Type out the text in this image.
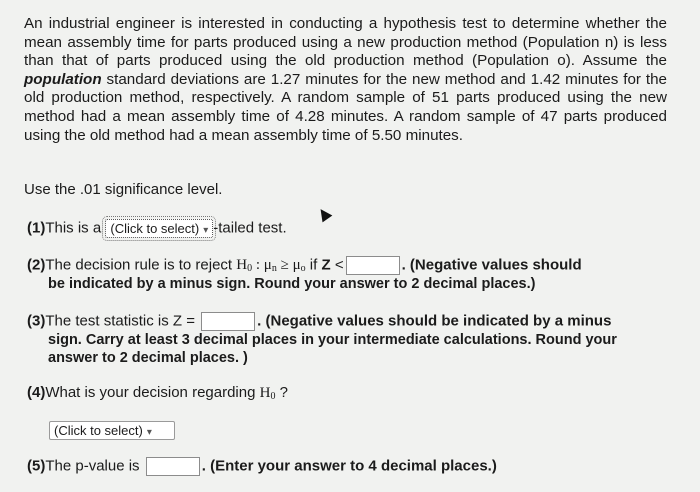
An industrial engineer is interested in conducting a hypothesis test to determine whether the mean assembly time for parts produced using a new production method (Population n) is less than that of parts produced using the old production method (Population o). Assume the population standard deviations are 1.27 minutes for the new method and 1.42 minutes for the old production method, respectively. A random sample of 51 parts produced using the new method had a mean assembly time of 4.28 minutes. A random sample of 47 parts produced using the old method had a mean assembly time of 5.50 minutes.
Use the .01 significance level.
(1)This is a (Click to select) ▾ -tailed test.
(2)The decision rule is to reject $H_0$ : $\mu_n \ge \mu_o$ if Z <	. (Negative values should
be indicated by a minus sign. Round your answer to 2 decimal places.)
(3)The test statistic is Z =	. (Negative values should be indicated by a minus
sign. Carry at least 3 decimal places in your intermediate calculations. Round your
answer to 2 decimal places. )
(4)What is your decision regarding $H_0$ ?
(Click to select) ▾
(5)The p-value is	. (Enter your answer to 4 decimal places.)
